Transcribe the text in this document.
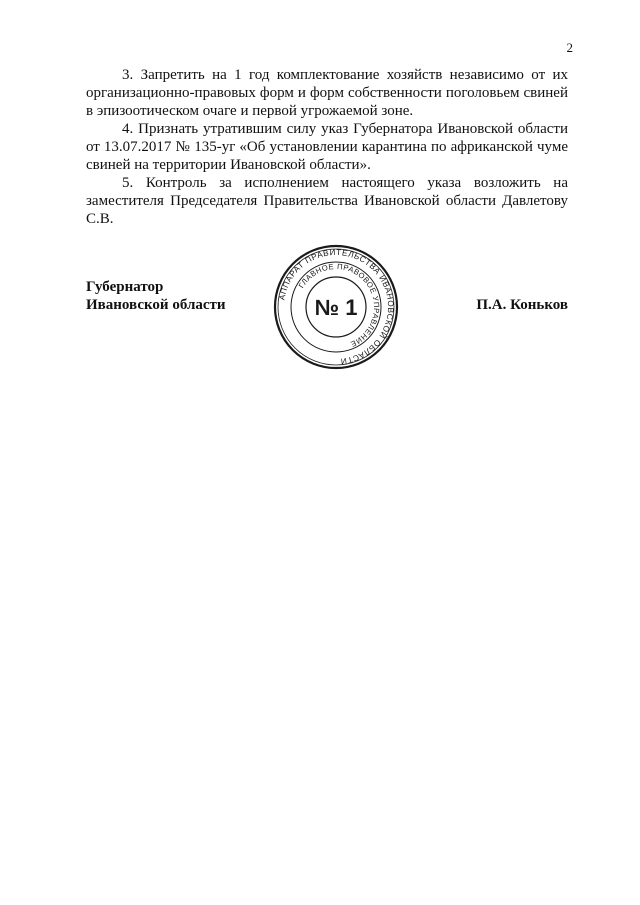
2

3. Запретить на 1 год комплектование хозяйств независимо от их организационно-правовых форм и форм собственности поголовьем свиней в эпизоотическом очаге и первой угрожаемой зоне.

4. Признать утратившим силу указ Губернатора Ивановской области от 13.07.2017 № 135-уг «Об установлении карантина по африканской чуме свиней на территории Ивановской области».

5. Контроль за исполнением настоящего указа возложить на заместителя Председателя Правительства Ивановской области Давлетову С.В.

Губернатор
Ивановской области	АППАРАТ ПРАВИТЕЛЬСТВА ИВАНОВСКОЙ ОБЛАСТИ
ГЛАВНОЕ ПРАВОВОЕ УПРАВЛЕНИЕ
№ 1	П.А. Коньков
